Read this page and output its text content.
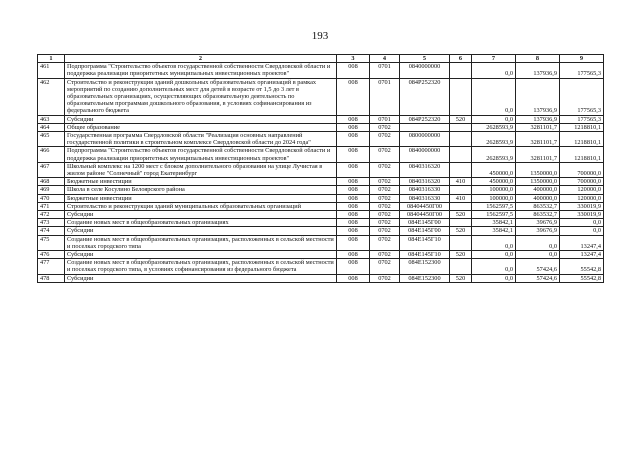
193
1	2	3	4	5	6	7	8	9
461	Подпрограмма "Строительство объектов государственной собственности Свердловской области и поддержка реализации приоритетных муниципальных инвестиционных проектов"	008	0701	0840000000		0,0	137936,9	177565,3
462	Строительство и реконструкция зданий дошкольных образовательных организаций в рамках мероприятий по созданию дополнительных мест для детей в возрасте от 1,5 до 3 лет в образовательных организациях, осуществляющих образовательную деятельность по образовательным программам дошкольного образования, в условиях софинансирования из федерального бюджета	008	0701	084P252320		0,0	137936,9	177565,3
463	Субсидии	008	0701	084P252320	520	0,0	137936,9	177565,3
464	Общее образование	008	0702			2628593,9	3281101,7	1218810,1
465	Государственная программа Свердловской области "Реализация основных направлений государственной политики в строительном комплексе Свердловской области до 2024 года"	008	0702	0800000000		2628593,9	3281101,7	1218810,1
466	Подпрограмма "Строительство объектов государственной собственности Свердловской области и поддержка реализации приоритетных муниципальных инвестиционных проектов"	008	0702	0840000000		2628593,9	3281101,7	1218810,1
467	Школьный комплекс на 1200 мест с блоком дополнительного образования на улице Лучистая в жилом районе "Солнечный" город Екатеринбург	008	0702	0840316320		450000,0	1350000,0	700000,0
468	Бюджетные инвестиции	008	0702	0840316320	410	450000,0	1350000,0	700000,0
469	Школа в селе Косулино Белоярского района	008	0702	0840316330		100000,0	400000,0	120000,0
470	Бюджетные инвестиции	008	0702	0840316330	410	100000,0	400000,0	120000,0
471	Строительство и реконструкция зданий муниципальных образовательных организаций	008	0702	08404450Г00		1562597,5	863532,7	330019,9
472	Субсидии	008	0702	08404450Г00	520	1562597,5	863532,7	330019,9
473	Создание новых мест в общеобразовательных организациях	008	0702	084E145Г00		35842,1	39676,9	0,0
474	Субсидии	008	0702	084E145Г00	520	35842,1	39676,9	0,0
475	Создание новых мест в общеобразовательных организациях, расположенных в сельской местности и поселках городского типа	008	0702	084E145Г10		0,0	0,0	13247,4
476	Субсидии	008	0702	084E145Г10	520	0,0	0,0	13247,4
477	Создание новых мест в общеобразовательных организациях, расположенных в сельской местности и поселках городского типа, в условиях софинансирования из федерального бюджета	008	0702	084E152300		0,0	57424,6	55542,8
478	Субсидии	008	0702	084E152300	520	0,0	57424,6	55542,8
